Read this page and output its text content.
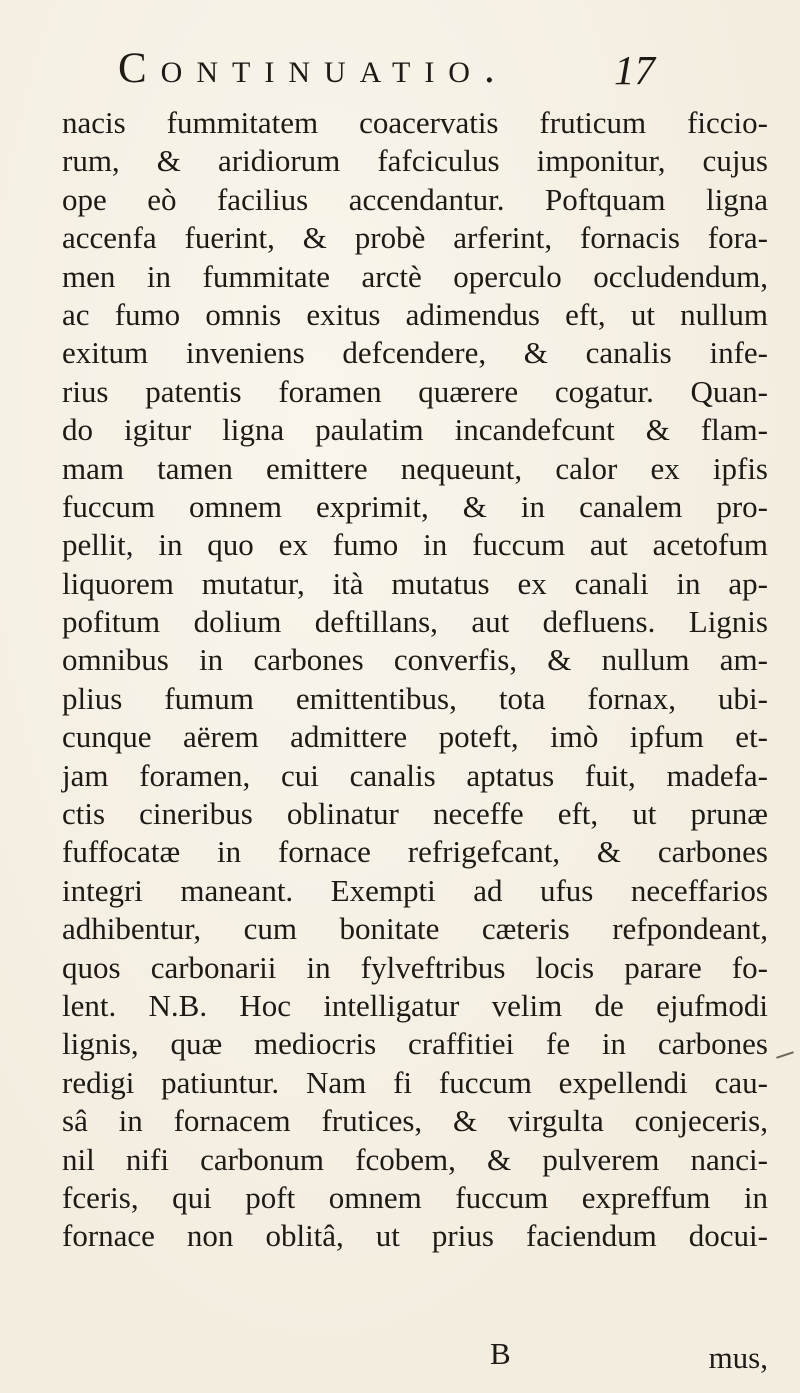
Continuatio.	17
nacis fummitatem coacervatis fruticum ficcio-
rum, & aridiorum fafciculus imponitur, cujus
ope eò facilius accendantur. Poftquam ligna
accenfa fuerint, & probè arferint, fornacis fora-
men in fummitate arctè operculo occludendum,
ac fumo omnis exitus adimendus eft, ut nullum
exitum inveniens defcendere, & canalis infe-
rius patentis foramen quærere cogatur. Quan-
do igitur ligna paulatim incandefcunt & flam-
mam tamen emittere nequeunt, calor ex ipfis
fuccum omnem exprimit, & in canalem pro-
pellit, in quo ex fumo in fuccum aut acetofum
liquorem mutatur, ità mutatus ex canali in ap-
pofitum dolium deftillans, aut defluens. Lignis
omnibus in carbones converfis, & nullum am-
plius fumum emittentibus, tota fornax, ubi-
cunque aërem admittere poteft, imò ipfum et-
jam foramen, cui canalis aptatus fuit, madefa-
ctis cineribus oblinatur neceffe eft, ut prunæ
fuffocatæ in fornace refrigefcant, & carbones
integri maneant. Exempti ad ufus neceffarios
adhibentur, cum bonitate cæteris refpondeant,
quos carbonarii in fylveftribus locis parare fo-
lent. N.B. Hoc intelligatur velim de ejufmodi
lignis, quæ mediocris craffitiei fe in carbones
redigi patiuntur. Nam fi fuccum expellendi cau-
sâ in fornacem frutices, & virgulta conjeceris,
nil nifi carbonum fcobem, & pulverem nanci-
fceris, qui poft omnem fuccum expreffum in
fornace non oblitâ, ut prius faciendum docui-
B	mus,
